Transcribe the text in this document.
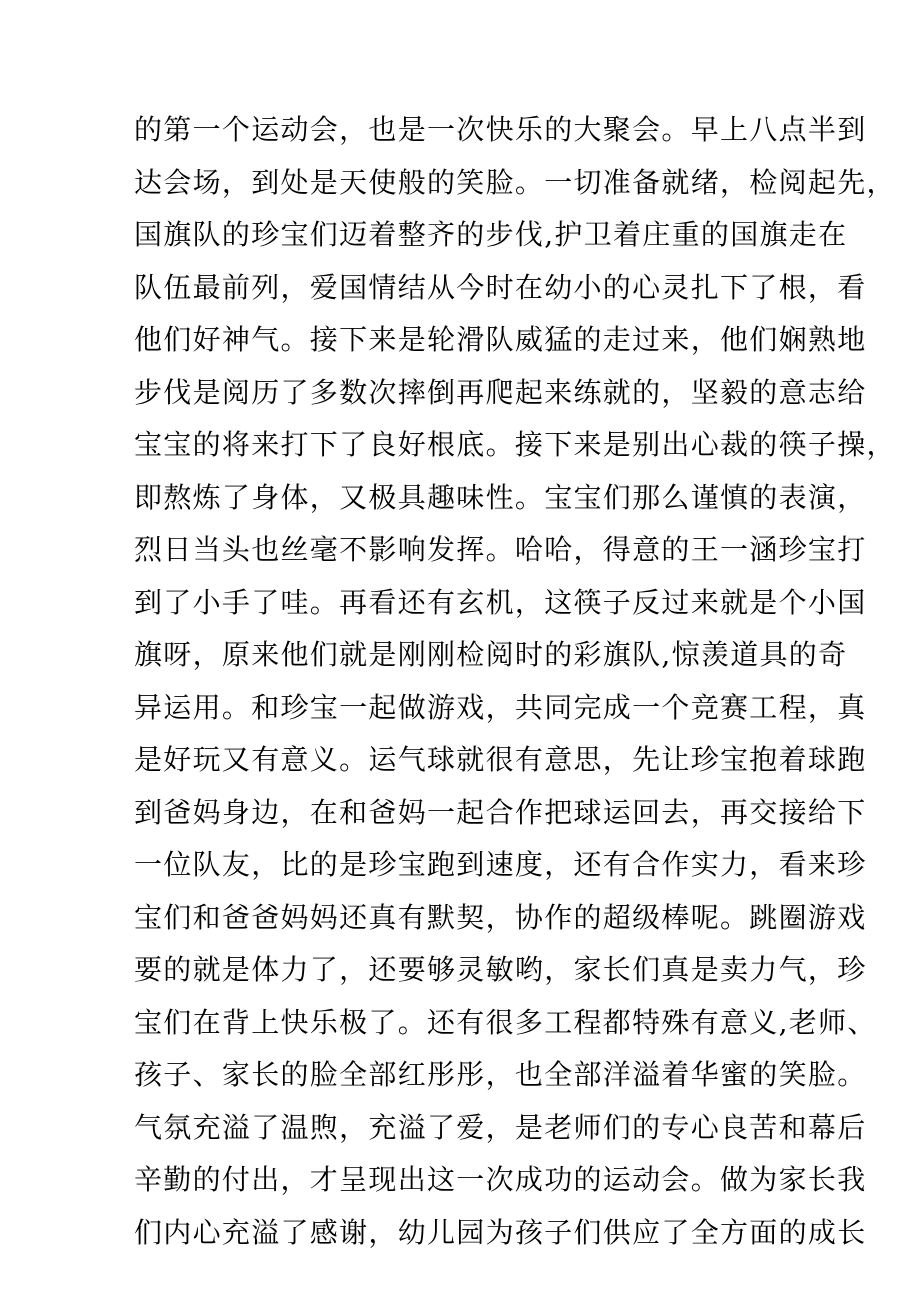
的第一个运动会，也是一次快乐的大聚会。早上八点半到
达会场，到处是天使般的笑脸。一切准备就绪，检阅起先，
国旗队的珍宝们迈着整齐的步伐,护卫着庄重的国旗走在
队伍最前列，爱国情结从今时在幼小的心灵扎下了根，看
他们好神气。接下来是轮滑队威猛的走过来，他们娴熟地
步伐是阅历了多数次摔倒再爬起来练就的，坚毅的意志给
宝宝的将来打下了良好根底。接下来是别出心裁的筷子操，
即熬炼了身体，又极具趣味性。宝宝们那么谨慎的表演，
烈日当头也丝毫不影响发挥。哈哈，得意的王一涵珍宝打
到了小手了哇。再看还有玄机，这筷子反过来就是个小国
旗呀，原来他们就是刚刚检阅时的彩旗队,惊羡道具的奇
异运用。和珍宝一起做游戏，共同完成一个竞赛工程，真
是好玩又有意义。运气球就很有意思，先让珍宝抱着球跑
到爸妈身边，在和爸妈一起合作把球运回去，再交接给下
一位队友，比的是珍宝跑到速度，还有合作实力，看来珍
宝们和爸爸妈妈还真有默契，协作的超级棒呢。跳圈游戏
要的就是体力了，还要够灵敏哟，家长们真是卖力气，珍
宝们在背上快乐极了。还有很多工程都特殊有意义,老师、
孩子、家长的脸全部红彤彤，也全部洋溢着华蜜的笑脸。
气氛充溢了温煦，充溢了爱，是老师们的专心良苦和幕后
辛勤的付出，才呈现出这一次成功的运动会。做为家长我
们内心充溢了感谢，幼儿园为孩子们供应了全方面的成长
